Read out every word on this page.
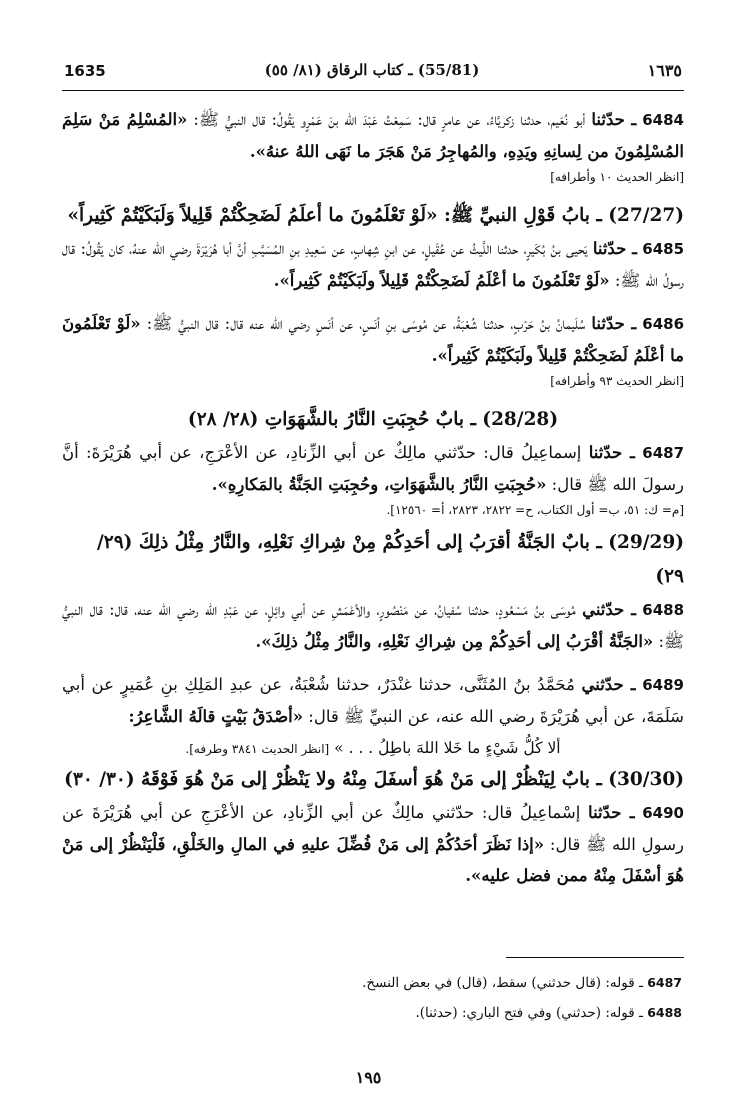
1635	(55/81) ـ كتاب الرقاق (٨١/ ٥٥)	١٦٣٥

6484 ـ حدّثنا أبو نُعَيم، حدثنا زكريَّاءُ، عن عامرٍ قال: سَمِعْتُ عَبْدَ الله بنَ عَمْرٍو يَقُولُ: قال النبيُّ ﷺ: «المُسْلِمُ مَنْ سَلِمَ المُسْلِمُونَ من لِسانِهِ ويَدِهِ، والمُهاجِرُ مَنْ هَجَرَ ما نَهَى اللهُ عنهُ».
[انظر الحديث ١٠ وأطرافه]

(27/27) ـ بابُ قَوْلِ النبيِّ ﷺ: «لَوْ تَعْلَمُونَ ما أعلَمُ لَضَحِكْتُمْ قَلِيلاً وَلَبَكَيْتُمْ كَثِيراً»

6485 ـ حدّثنا يَحيى بنُ بُكَيرٍ، حدثنا اللَّيثُ عن عُقَيلٍ، عن ابنِ شِهابٍ، عن سَعِيدِ بنِ المُسَيَّبِ أنَّ أبا هُرَيْرَةَ رضي الله عنهُ، كان يَقُولُ: قال رسولُ الله ﷺ: «لَوْ تَعْلَمُونَ ما أعْلَمُ لَضَحِكْتُمْ قَلِيلاً ولَبَكَيْتُمْ كَثِيراً».

6486 ـ حدّثنا سُلَيمانُ بنُ حَرْبٍ، حدثنا شُعْبَةُ، عن مُوسَى بنِ أنَسٍ، عن أنَسٍ رضي الله عنه قال: قال النبيُّ ﷺ: «لَوْ تَعْلَمُونَ ما أعْلَمُ لَضَحِكْتُمْ قَلِيلاً ولَبَكَيْتُمْ كَثِيراً».
[انظر الحديث ٩٣ وأطرافه]

(28/28) ـ بابٌ حُجِبَتِ النَّارُ بالشَّهَوَاتِ (٢٨/ ٢٨)

6487 ـ حدّثنا إسماعِيلُ قال: حدّثني مالِكٌ عن أبي الزِّنادِ، عن الأعْرَجِ، عن أبي هُرَيْرَةَ: أنَّ رسولَ الله ﷺ قال: «حُجِبَتِ النَّارُ بالشَّهَوَاتِ، وحُجِبَتِ الجَنَّةُ بالمَكارِهِ».
[م= ك: ٥١، ب= أول الكتاب، ح= ٢٨٢٢، ٢٨٢٣، أ= ١٢٥٦٠].

(29/29) ـ بابٌ الجَنَّةُ أقرَبُ إلى أحَدِكُمْ مِنْ شِراكِ نَعْلِهِ، والنَّارُ مِثْلُ ذلِكَ (٢٩/ ٢٩)

6488 ـ حدّثني مُوسَى بنُ مَسْعُودٍ، حدثنا سُفيانُ، عن مَنْصُورٍ، والأعْمَشِ عن أبي وائِلٍ، عن عَبْدِ الله رضي الله عنه، قال: قال النبيُّ ﷺ: «الجَنَّةُ أقْرَبُ إلى أحَدِكُمْ مِن شِراكِ نَعْلِهِ، والنَّارُ مِثْلُ ذلِكَ».

6489 ـ حدّثني مُحَمَّدُ بنُ المُثَنَّى، حدثنا غنْدَرٌ، حدثنا شُعْبَةُ، عن عبدِ المَلِكِ بنِ عُمَيرٍ عن أبي سَلَمَةَ، عن أبي هُرَيْرَةَ رضي الله عنه، عن النبيِّ ﷺ قال: «أصْدَقُ بَيْتٍ قالَهُ الشَّاعِرُ:

ألا كُلُّ شَيْءٍ ما خَلا اللهَ باطِلُ . . . » [انظر الحديث ٣٨٤١ وطرفه].

(30/30) ـ بابٌ لِيَنْظُرْ إلى مَنْ هُوَ أسفَلَ مِنْهُ ولا يَنْظُرْ إلى مَنْ هُوَ فَوْقَهُ (٣٠/ ٣٠)

6490 ـ حدّثنا إسْماعِيلُ قال: حدّثني مالِكٌ عن أبي الزِّنادِ، عن الأعْرَجِ عن أبي هُرَيْرَةَ عن رسولِ الله ﷺ قال: «إذا نَظَرَ أحَدُكُمْ إلى مَنْ فُضِّلَ عليهِ في المالِ والخَلْقِ، فَلْيَنْظُرْ إلى مَنْ هُوَ أسْفَلَ مِنْهُ ممن فضل عليه».

6487 ـ قوله: (قال حدثني) سقط، (قال) في بعض النسخ.
6488 ـ قوله: (حدثني) وفي فتح الباري: (حدثنا).
١٩٥
